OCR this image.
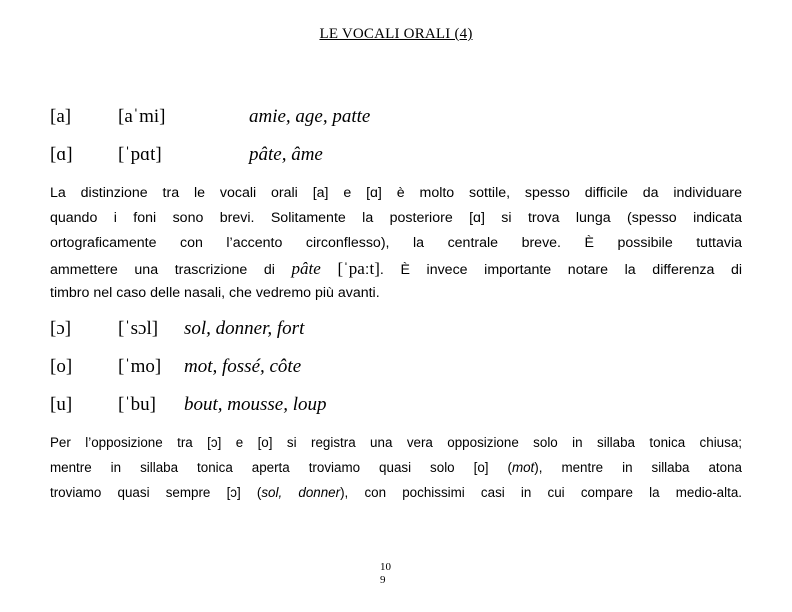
LE VOCALI ORALI (4)
[a] [aˈmi]	amie, age, patte
[ɑ] [ˈpɑt]	pâte, âme
La distinzione tra le vocali orali [a] e [ɑ] è molto sottile, spesso difficile da individuare
quando i foni sono brevi. Solitamente la posteriore [ɑ] si trova lunga (spesso indicata
ortograficamente con l’accento circonflesso), la centrale breve. È possibile tuttavia
ammettere una trascrizione di pâte [ˈpaːt]. È invece importante notare la differenza di
timbro nel caso delle nasali, che vedremo più avanti.
[ɔ] [ˈsɔl] sol, donner, fort
[o] [ˈmo] mot, fossé, côte
[u] [ˈbu] bout, mousse, loup
Per l’opposizione tra [ɔ] e [o] si registra una vera opposizione solo in sillaba tonica chiusa;
mentre in sillaba tonica aperta troviamo quasi solo [o] (mot), mentre in sillaba atona
troviamo quasi sempre [ɔ] (sol, donner), con pochissimi casi in cui compare la medio-alta.
10
9
